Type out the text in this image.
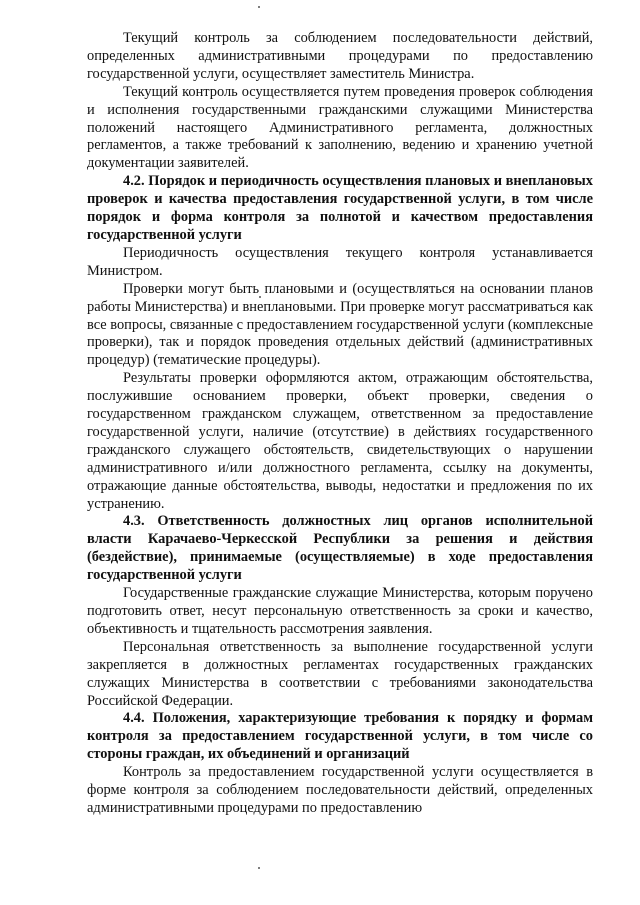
Текущий контроль за соблюдением последовательности действий, определенных административными процедурами по предоставлению государственной услуги, осуществляет заместитель Министра.

Текущий контроль осуществляется путем проведения проверок соблюдения и исполнения государственными гражданскими служащими Министерства положений настоящего Административного регламента, должностных регламентов, а также требований к заполнению, ведению и хранению учетной документации заявителей.

4.2. Порядок и периодичность осуществления плановых и внеплановых проверок и качества предоставления государственной услуги, в том числе порядок и форма контроля за полнотой и качеством предоставления государственной услуги

Периодичность осуществления текущего контроля устанавливается Министром.

Проверки могут быть плановыми и (осуществляться на основании планов работы Министерства) и внеплановыми. При проверке могут рассматриваться как все вопросы, связанные с предоставлением государственной услуги (комплексные проверки), так и порядок проведения отдельных действий (административных процедур) (тематические процедуры).

Результаты проверки оформляются актом, отражающим обстоятельства, послужившие основанием проверки, объект проверки, сведения о государственном гражданском служащем, ответственном за предоставление государственной услуги, наличие (отсутствие) в действиях государственного гражданского служащего обстоятельств, свидетельствующих о нарушении административного и/или должностного регламента, ссылку на документы, отражающие данные обстоятельства, выводы, недостатки и предложения по их устранению.

4.3. Ответственность должностных лиц органов исполнительной власти Карачаево-Черкесской Республики за решения и действия (бездействие), принимаемые (осуществляемые) в ходе предоставления государственной услуги

Государственные гражданские служащие Министерства, которым поручено подготовить ответ, несут персональную ответственность за сроки и качество, объективность и тщательность рассмотрения заявления.

Персональная ответственность за выполнение государственной услуги закрепляется в должностных регламентах государственных гражданских служащих Министерства в соответствии с требованиями законодательства Российской Федерации.

4.4. Положения, характеризующие требования к порядку и формам контроля за предоставлением государственной услуги, в том числе со стороны граждан, их объединений и организаций

Контроль за предоставлением государственной услуги осуществляется в форме контроля за соблюдением последовательности действий, определенных административными процедурами по предоставлению
